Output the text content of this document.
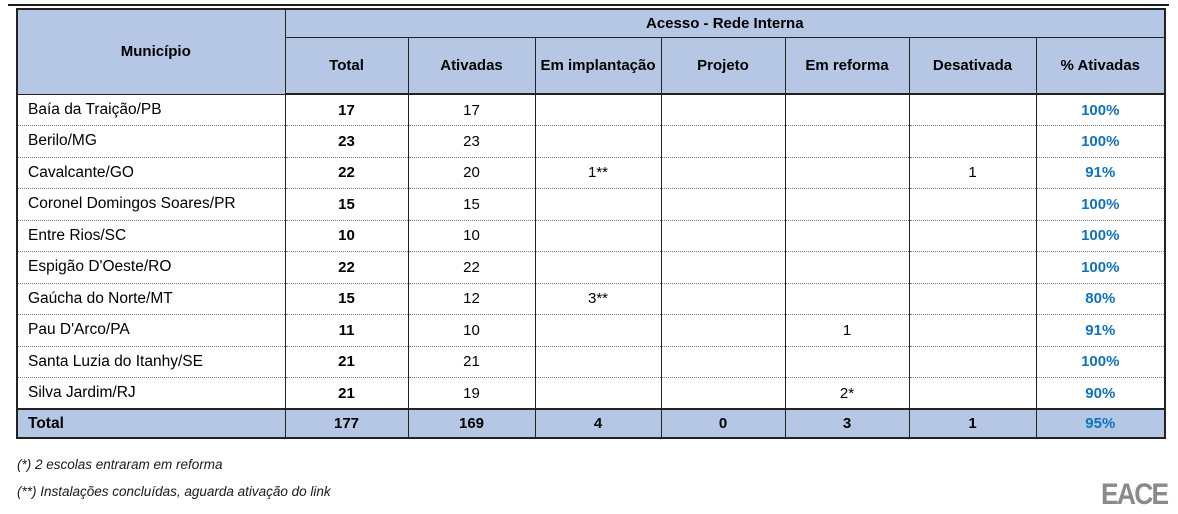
Município	Acesso - Rede Interna						
	Total	Ativadas	Em implantação	Projeto	Em reforma	Desativada	% Ativadas
Baía da Traição/PB	17	17					100%
Berilo/MG	23	23					100%
Cavalcante/GO	22	20	1**			1	91%
Coronel Domingos Soares/PR	15	15					100%
Entre Rios/SC	10	10					100%
Espigão D'Oeste/RO	22	22					100%
Gaúcha do Norte/MT	15	12	3**				80%
Pau D'Arco/PA	11	10			1		91%
Santa Luzia do Itanhy/SE	21	21					100%
Silva Jardim/RJ	21	19			2*		90%
Total	177	169	4	0	3	1	95%
(*) 2 escolas entraram em reforma
(**) Instalações concluídas, aguarda ativação do link	EACE
